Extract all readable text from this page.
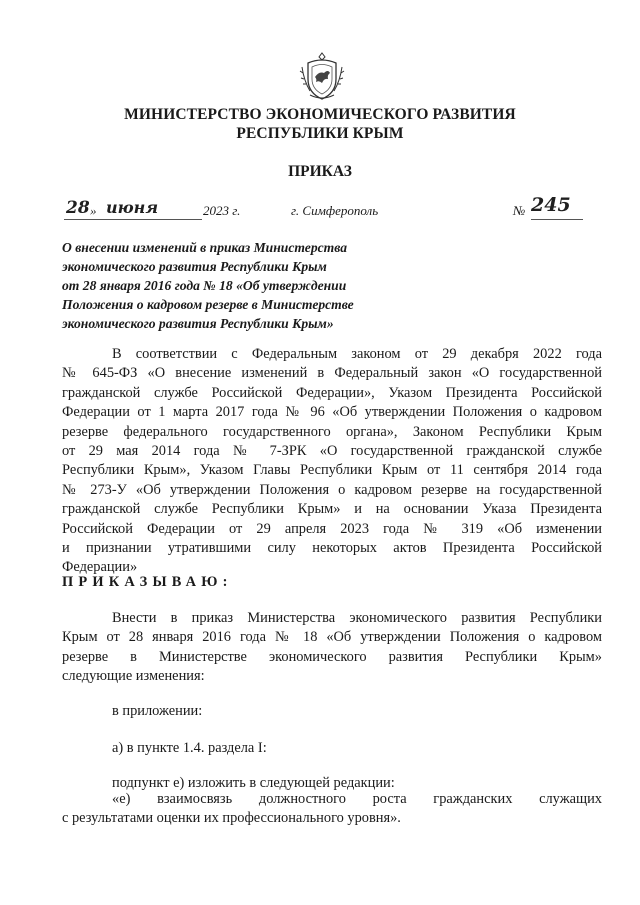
МИНИСТЕРСТВО ЭКОНОМИЧЕСКОГО РАЗВИТИЯ
РЕСПУБЛИКИ КРЫМ
ПРИКАЗ
28 » июня	2023 г.	г. Симферополь	№ 245
О внесении изменений в приказ Министерства
экономического развития Республики Крым
от 28 января 2016 года № 18 «Об утверждении
Положения о кадровом резерве в Министерстве
экономического развития Республики Крым»
В соответствии с Федеральным законом от 29 декабря 2022 года
№ 645-ФЗ «О внесение изменений в Федеральный закон «О государственной
гражданской службе Российской Федерации», Указом Президента Российской
Федерации от 1 марта 2017 года № 96 «Об утверждении Положения о кадровом
резерве федерального государственного органа», Законом Республики Крым
от 29 мая 2014 года № 7-ЗРК «О государственной гражданской службе
Республики Крым», Указом Главы Республики Крым от 11 сентября 2014 года
№ 273-У «Об утверждении Положения о кадровом резерве на государственной
гражданской службе Республики Крым» и на основании Указа Президента
Российской Федерации от 29 апреля 2023 года № 319 «Об изменении
и признании утратившими силу некоторых актов Президента Российской
Федерации»
ПРИКАЗЫВАЮ:
Внести в приказ Министерства экономического развития Республики
Крым от 28 января 2016 года № 18 «Об утверждении Положения о кадровом
резерве в Министерстве экономического развития Республики Крым»
следующие изменения:
в приложении:
а) в пункте 1.4. раздела I:
подпункт е) изложить в следующей редакции:
«е) взаимосвязь должностного роста гражданских служащих
с результатами оценки их профессионального уровня».
